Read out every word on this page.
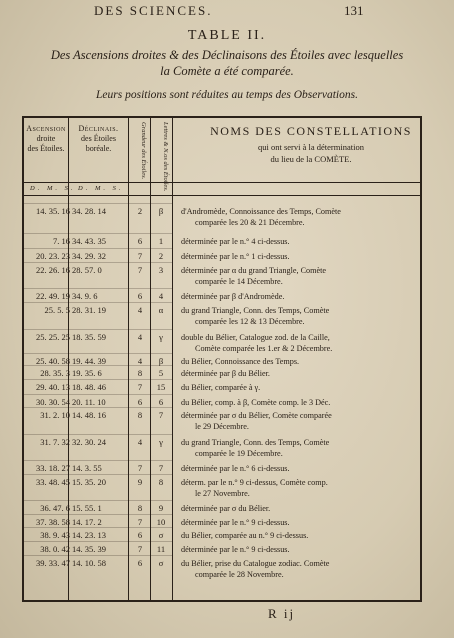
DES SCIENCES.	131
TABLE II.
Des Ascensions droites & des Déclinaisons des Étoiles avec lesquelles
la Comète a été comparée.
Leurs positions sont réduites au temps des Observations.
Ascension
droite
des Étoiles.
Déclinais.
des Étoiles
boréale.	Grandeur des Étoiles. Lettres & N.os des Étoiles.	NOMS DES CONSTELLATIONS
qui ont servi à la détermination
du lieu de la COMÈTE.
D. M. S. D. M. S.
14. 35. 16 34. 28. 14	2	β	d'Andromède, Connoissance des Temps, Comète
comparée les 20 & 21 Décembre.
7. 16 34. 43. 35	6	1	déterminée par le n.° 4 ci-dessus.
20. 23. 23 34. 29. 32	7	2	déterminée par le n.° 1 ci-dessus.
22. 26. 16 28. 57. 0	7	3	déterminée par α du grand Triangle, Comète
comparée le 14 Décembre.
22. 49. 19 34. 9. 6	6	4	déterminée par β d'Andromède.
25. 5. 5 28. 31. 19	4	α	du grand Triangle, Conn. des Temps, Comète
comparée les 12 & 13 Décembre.
25. 25. 25 18. 35. 59	4	γ	double du Bélier, Catalogue zod. de la Caille,
Comète comparée les 1.er & 2 Décembre.
25. 40. 58 19. 44. 39	4	β	du Bélier, Connoissance des Temps.
28. 35. 3 19. 35. 6	8	5	déterminée par β du Bélier.
29. 40. 13 18. 48. 46	7	15	du Bélier, comparée à γ.
30. 30. 54 20. 11. 10	6	6	du Bélier, comp. à β, Comète comp. le 3 Déc.
31. 2. 10 14. 48. 16	8	7	déterminée par σ du Bélier, Comète comparée
le 29 Décembre.
31. 7. 32 32. 30. 24	4	γ	du grand Triangle, Conn. des Temps, Comète
comparée le 19 Décembre.
33. 18. 27 14. 3. 55	7	7	déterminée par le n.° 6 ci-dessus.
33. 48. 45 15. 35. 20	9	8	déterm. par le n.° 9 ci-dessus, Comète comp.
le 27 Novembre.
36. 47. 6 15. 55. 1	8	9	déterminée par σ du Bélier.
37. 38. 58 14. 17. 2	7	10	déterminée par le n.° 9 ci-dessus.
38. 9. 43 14. 23. 13	6	σ	du Bélier, comparée au n.° 9 ci-dessus.
38. 0. 42 14. 35. 39	7	11	déterminée par le n.° 9 ci-dessus.
39. 33. 47 14. 10. 58	6	σ	du Bélier, prise du Catalogue zodiac. Comète
comparée le 28 Novembre.
R ij
